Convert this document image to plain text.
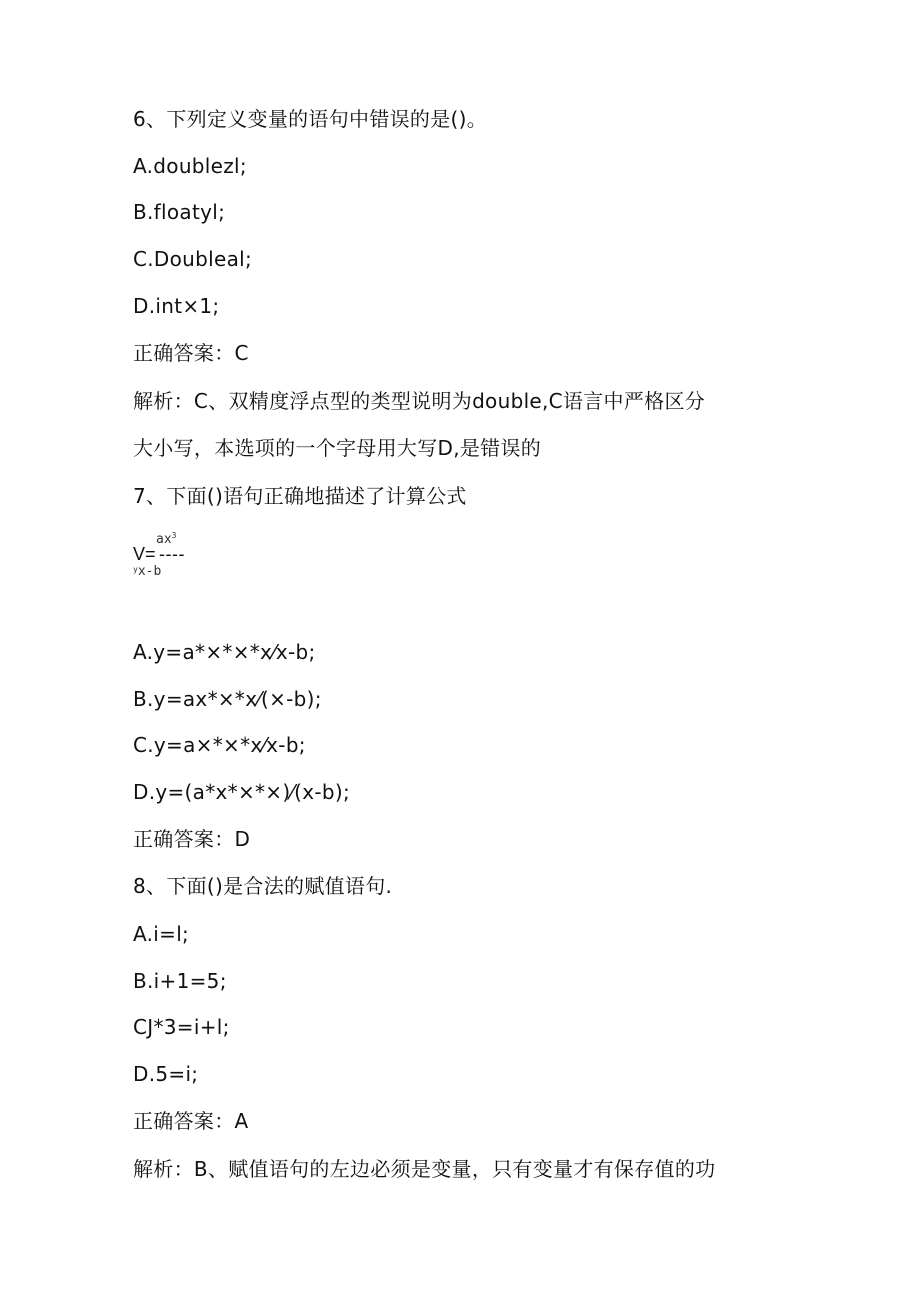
6、下列定义变量的语句中错误的是()。
A.doublezl;
B.floatyl;
C.Doubleal;
D.int×1;
正确答案：C
解析：C、双精度浮点型的类型说明为double,C语言中严格区分
大小写，本选项的一个字母用大写D,是错误的
7、下面()语句正确地描述了计算公式
$ax^3$
V= ----
$^y$x-b
A.y=a*×*×*x⁄x-b;
B.y=ax*×*x⁄(×-b);
C.y=a×*×*x⁄x-b;
D.y=(a*x*×*×)⁄(x-b);
正确答案：D
8、下面()是合法的赋值语句.
A.i=l;
B.i+1=5;
CJ*3=i+l;
D.5=i;
正确答案：A
解析：B、赋值语句的左边必须是变量，只有变量才有保存值的功
